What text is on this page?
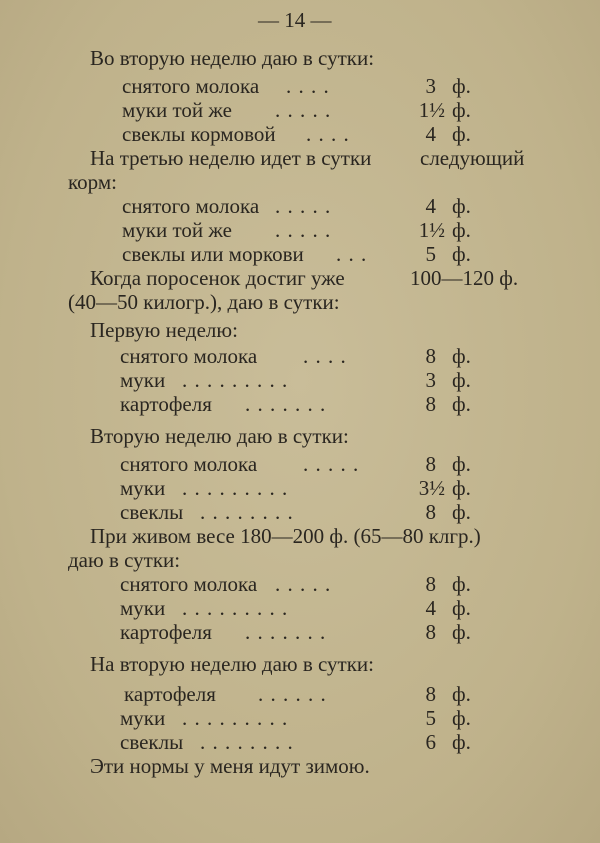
— 14 —
Во вторую неделю даю в сутки:
снятого молока . . . .	3 ф.
муки той же . . . . .	1½ ф.
свеклы кормовой . . . .	4 ф.
На третью неделю идет в сутки следующий
корм:
снятого молока . . . . .	4 ф.
муки той же . . . . .	1½ ф.
свеклы или моркови . . .	5 ф.
Когда поросенок достиг уже	100—120 ф.
(40—50 килогр.), даю в сутки:
Первую неделю:
снятого молока . . . .	8 ф.
муки . . . . . . . . .	3 ф.
картофеля . . . . . . .	8 ф.
Вторую неделю даю в сутки:
снятого молока . . . . .	8 ф.
муки . . . . . . . . .	3½ ф.
свеклы . . . . . . . .	8 ф.
При живом весе 180—200 ф. (65—80 клгр.)
даю в сутки:
снятого молока . . . . .	8 ф.
муки . . . . . . . . .	4 ф.
картофеля . . . . . . .	8 ф.
На вторую неделю даю в сутки:
картофеля . . . . . .	8 ф.
муки . . . . . . . . .	5 ф.
свеклы . . . . . . . .	6 ф.
Эти нормы у меня идут зимою.
